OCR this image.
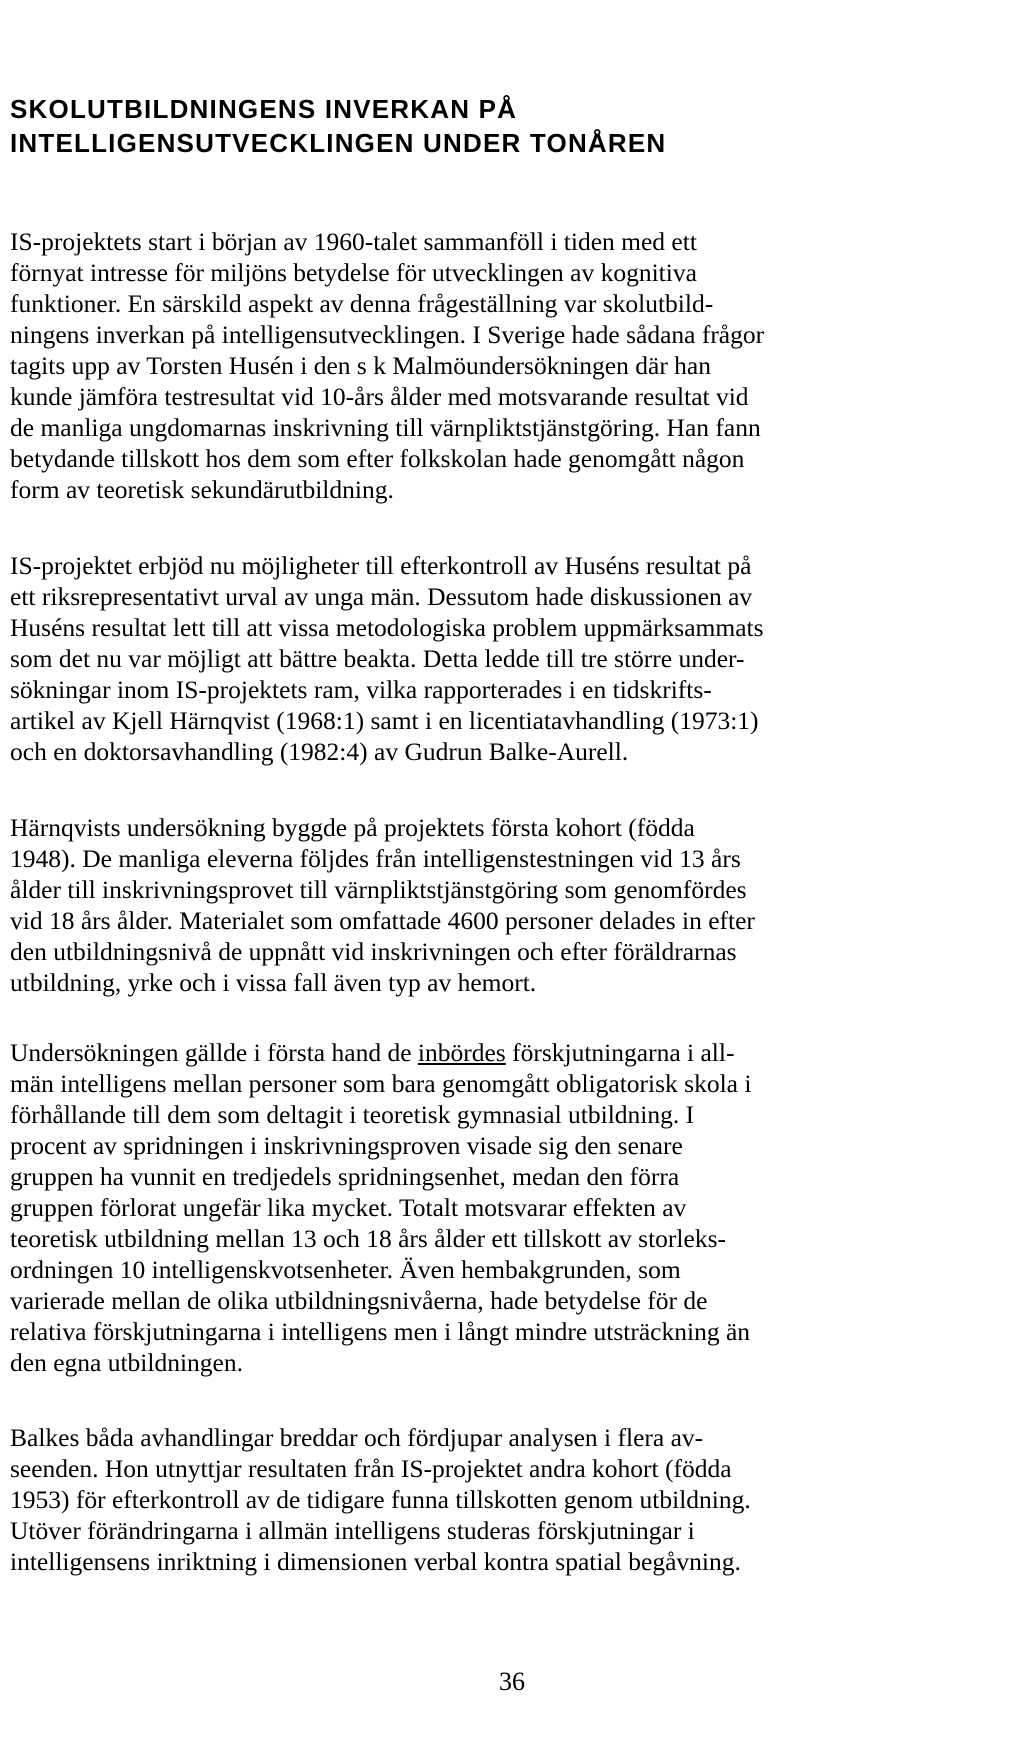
SKOLUTBILDNINGENS INVERKAN PÅ
INTELLIGENSUTVECKLINGEN UNDER TONÅREN

IS-projektets start i början av 1960-talet sammanföll i tiden med ett
förnyat intresse för miljöns betydelse för utvecklingen av kognitiva
funktioner. En särskild aspekt av denna frågeställning var skolutbild-
ningens inverkan på intelligensutvecklingen. I Sverige hade sådana frågor
tagits upp av Torsten Husén i den s k Malmöundersökningen där han
kunde jämföra testresultat vid 10-års ålder med motsvarande resultat vid
de manliga ungdomarnas inskrivning till värnpliktstjänstgöring. Han fann
betydande tillskott hos dem som efter folkskolan hade genomgått någon
form av teoretisk sekundärutbildning.

IS-projektet erbjöd nu möjligheter till efterkontroll av Huséns resultat på
ett riksrepresentativt urval av unga män. Dessutom hade diskussionen av
Huséns resultat lett till att vissa metodologiska problem uppmärksammats
som det nu var möjligt att bättre beakta. Detta ledde till tre större under-
sökningar inom IS-projektets ram, vilka rapporterades i en tidskrifts-
artikel av Kjell Härnqvist (1968:1) samt i en licentiatavhandling (1973:1)
och en doktorsavhandling (1982:4) av Gudrun Balke-Aurell.

Härnqvists undersökning byggde på projektets första kohort (födda
1948). De manliga eleverna följdes från intelligenstestningen vid 13 års
ålder till inskrivningsprovet till värnpliktstjänstgöring som genomfördes
vid 18 års ålder. Materialet som omfattade 4600 personer delades in efter
den utbildningsnivå de uppnått vid inskrivningen och efter föräldrarnas
utbildning, yrke och i vissa fall även typ av hemort.

Undersökningen gällde i första hand de inbördes förskjutningarna i all-
män intelligens mellan personer som bara genomgått obligatorisk skola i
förhållande till dem som deltagit i teoretisk gymnasial utbildning. I
procent av spridningen i inskrivningsproven visade sig den senare
gruppen ha vunnit en tredjedels spridningsenhet, medan den förra
gruppen förlorat ungefär lika mycket. Totalt motsvarar effekten av
teoretisk utbildning mellan 13 och 18 års ålder ett tillskott av storleks-
ordningen 10 intelligenskvotsenheter. Även hembakgrunden, som
varierade mellan de olika utbildningsnivåerna, hade betydelse för de
relativa förskjutningarna i intelligens men i långt mindre utsträckning än
den egna utbildningen.

Balkes båda avhandlingar breddar och fördjupar analysen i flera av-
seenden. Hon utnyttjar resultaten från IS-projektet andra kohort (födda
1953) för efterkontroll av de tidigare funna tillskotten genom utbildning.
Utöver förändringarna i allmän intelligens studeras förskjutningar i
intelligensens inriktning i dimensionen verbal kontra spatial begåvning.

36
